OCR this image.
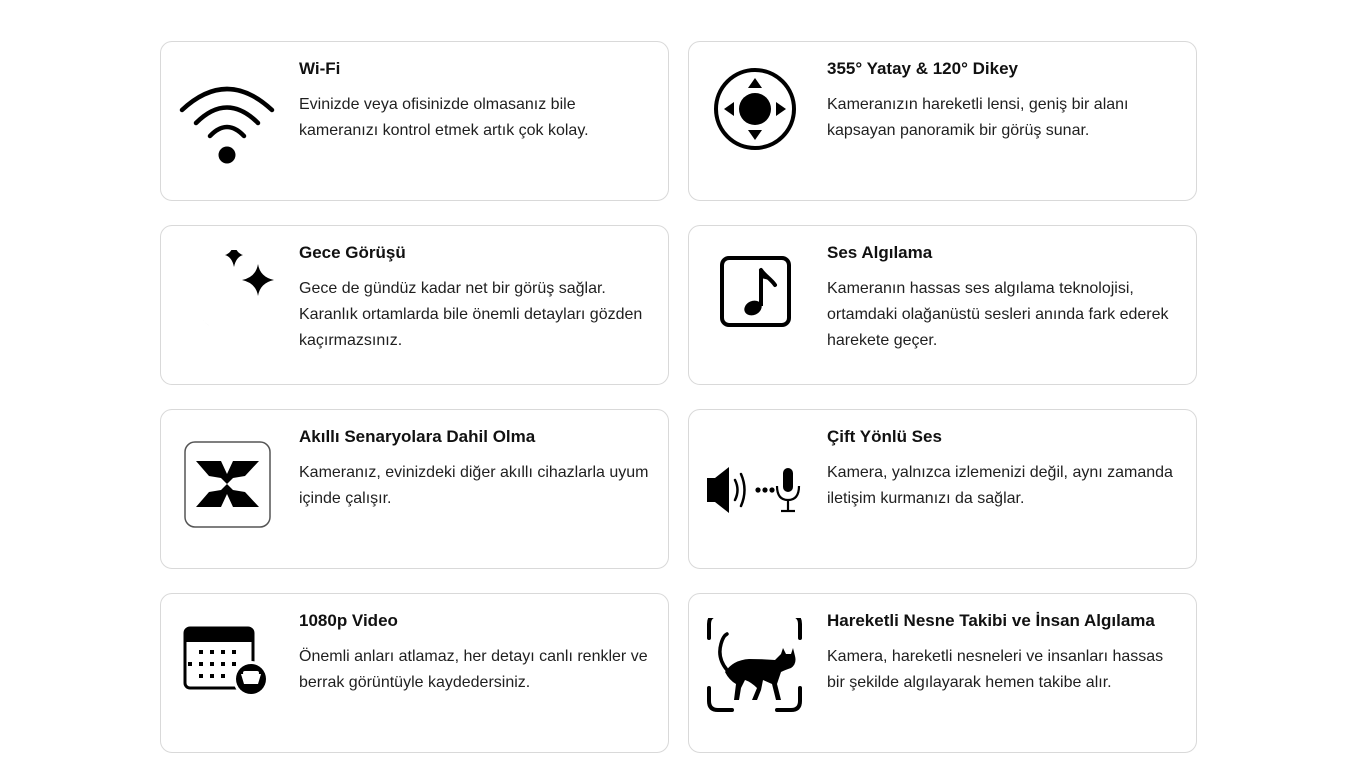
Wi-Fi

Evinizde veya ofisinizde olmasanız bile kameranızı kontrol etmek artık çok kolay.

355° Yatay & 120° Dikey

Kameranızın hareketli lensi, geniş bir alanı kapsayan panoramik bir görüş sunar.

Gece Görüşü

Gece de gündüz kadar net bir görüş sağlar. Karanlık ortamlarda bile önemli detayları gözden kaçırmazsınız.

Ses Algılama

Kameranın hassas ses algılama teknolojisi, ortamdaki olağanüstü sesleri anında fark ederek harekete geçer.

Akıllı Senaryolara Dahil Olma

Kameranız, evinizdeki diğer akıllı cihazlarla uyum içinde çalışır.

Çift Yönlü Ses

Kamera, yalnızca izlemenizi değil, aynı zamanda iletişim kurmanızı da sağlar.

1080p Video

Önemli anları atlamaz, her detayı canlı renkler ve berrak görüntüyle kaydedersiniz.

Hareketli Nesne Takibi ve İnsan Algılama

Kamera, hareketli nesneleri ve insanları hassas bir şekilde algılayarak hemen takibe alır.
